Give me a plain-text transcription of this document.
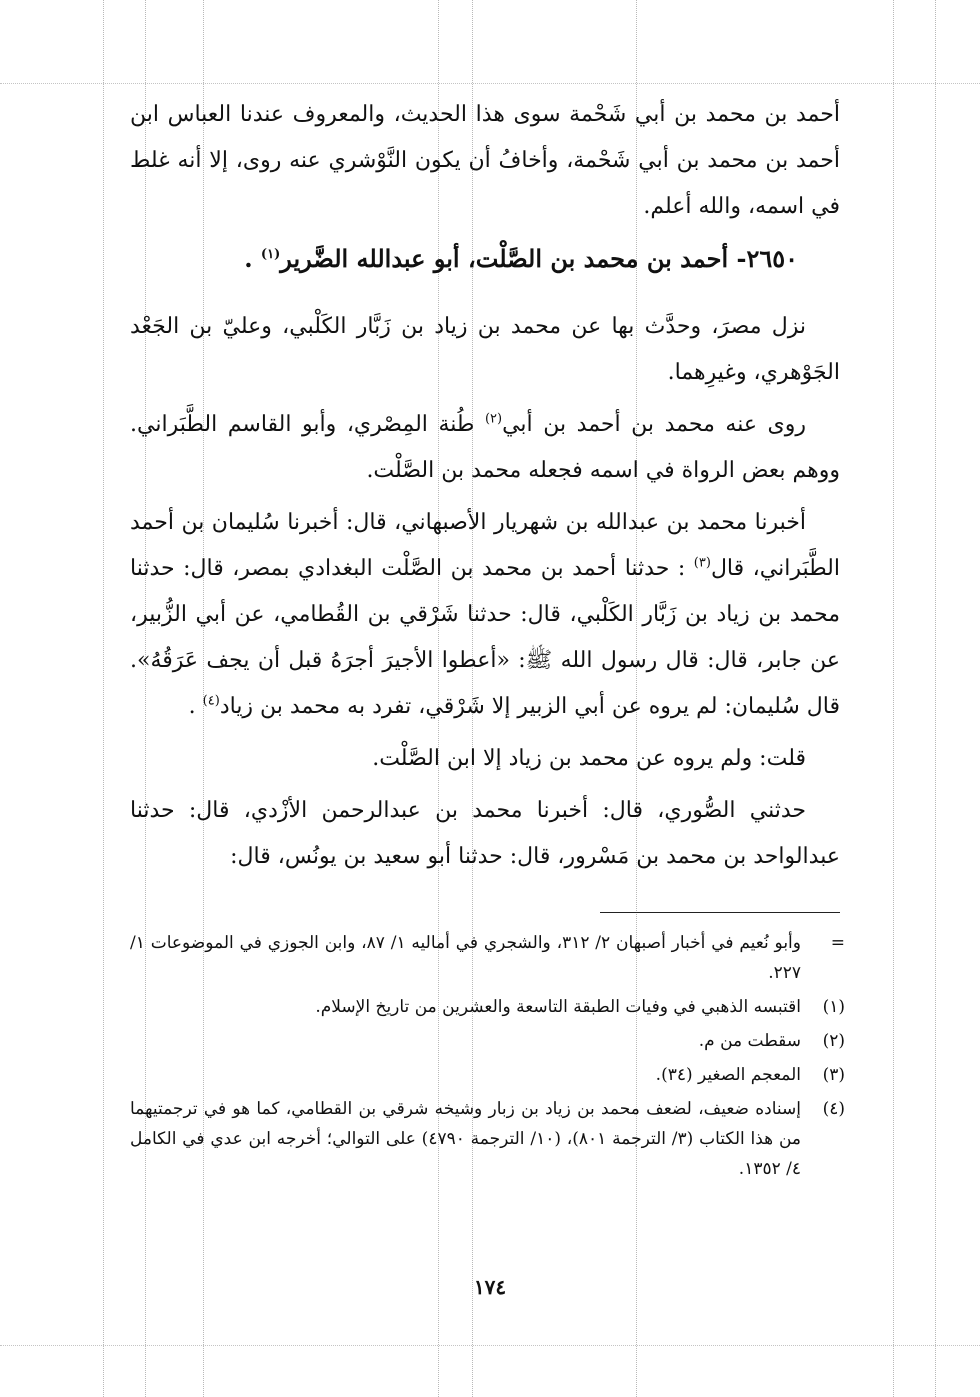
أحمد بن محمد بن أبي شَحْمة سوى هذا الحديث، والمعروف عندنا العباس ابن أحمد بن محمد بن أبي شَحْمة، وأخافُ أن يكون النَّوْشري عنه روى، إلا أنه غلط في اسمه، والله أعلم.

٢٦٥٠- أحمد بن محمد بن الصَّلْت، أبو عبدالله الضَّرير$^{(١)}$ .

نزل مصرَ، وحدَّث بها عن محمد بن زياد بن زَبَّار الكَلْبي، وعليّ بن الجَعْد الجَوْهري، وغيرِهما.

روى عنه محمد بن أحمد بن أبي$^{(٢)}$ طُنة المِصْري، وأبو القاسم الطَّبَراني. ووهم بعض الرواة في اسمه فجعله محمد بن الصَّلْت.

أخبرنا محمد بن عبدالله بن شهريار الأصبهاني، قال: أخبرنا سُليمان بن أحمد الطَّبَراني، قال$^{(٣)}$ : حدثنا أحمد بن محمد بن الصَّلْت البغدادي بمصر، قال: حدثنا محمد بن زياد بن زَبَّار الكَلْبي، قال: حدثنا شَرْقي بن القُطامي، عن أبي الزُّبير، عن جابر، قال: قال رسول الله ﷺ: «أعطوا الأجيرَ أجرَهُ قبل أن يجف عَرَقُهُ». قال سُليمان: لم يروه عن أبي الزبير إلا شَرْقي، تفرد به محمد بن زياد$^{(٤)}$ .

قلت: ولم يروه عن محمد بن زياد إلا ابن الصَّلْت.

حدثني الصُّوري، قال: أخبرنا محمد بن عبدالرحمن الأزْدي، قال: حدثنا عبدالواحد بن محمد بن مَسْرور، قال: حدثنا أبو سعيد بن يونُس، قال:

=
وأبو نُعيم في أخبار أصبهان ٢/ ٣١٢، والشجري في أماليه ١/ ٨٧، وابن الجوزي في الموضوعات ١/ ٢٢٧.
(١)
اقتبسه الذهبي في وفيات الطبقة التاسعة والعشرين من تاريخ الإسلام.
(٢)
سقطت من م.
(٣)
المعجم الصغير (٣٤).
(٤)
إسناده ضعيف، لضعف محمد بن زياد بن زبار وشيخه شرقي بن القطامي، كما هو في ترجمتيهما من هذا الكتاب (٣/ الترجمة ٨٠١)، (١٠/ الترجمة ٤٧٩٠) على التوالي؛ أخرجه ابن عدي في الكامل ٤/ ١٣٥٢.
١٧٤
